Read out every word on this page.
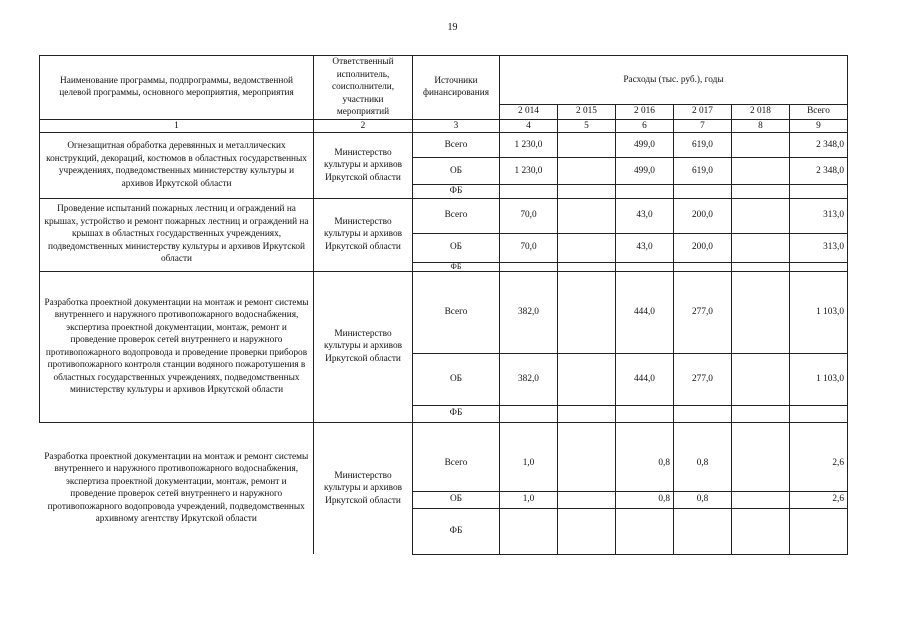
19
Наименование программы, подпрограммы, ведомственной целевой программы, основного мероприятия, мероприятия	Ответственный исполнитель, соисполнители, участники мероприятий	Источники финансирования	Расходы (тыс. руб.), годы					
			2 014	2 015	2 016	2 017	2 018	Всего
1	2	3	4	5	6	7	8	9
Огнезащитная обработка деревянных и металлических конструкций, декораций, костюмов в областных государственных учреждениях, подведомственных министерству культуры и архивов Иркутской области	Министерство культуры и архивов Иркутской области	Всего	1 230,0		499,0	619,0		2 348,0
		ОБ	1 230,0		499,0	619,0		2 348,0
		ФБ						
Проведение испытаний пожарных лестниц и ограждений на крышах, устройство и ремонт пожарных лестниц и ограждений на крышах в областных государственных учреждениях, подведомственных министерству культуры и архивов Иркутской области	Министерство культуры и архивов Иркутской области	Всего	70,0		43,0	200,0		313,0
		ОБ	70,0		43,0	200,0		313,0
		ФБ						
Разработка проектной документации на монтаж и ремонт системы внутреннего и наружного противопожарного водоснабжения, экспертиза проектной документации, монтаж, ремонт и проведение проверок сетей внутреннего и наружного противопожарного водопровода и проведение проверки приборов противопожарного контроля станции водяного пожаротушения в областных государственных учреждениях, подведомственных министерству культуры и архивов Иркутской области	Министерство культуры и архивов Иркутской области	Всего	382,0		444,0	277,0		1 103,0
		ОБ	382,0		444,0	277,0		1 103,0
		ФБ						
Разработка проектной документации на монтаж и ремонт системы внутреннего и наружного противопожарного водоснабжения, экспертиза проектной документации, монтаж, ремонт и проведение проверок сетей внутреннего и наружного противопожарного водопровода учреждений, подведомственных архивному агентству Иркутской области	Министерство культуры и архивов Иркутской области	Всего	1,0		0,8	0,8		2,6
		ОБ	1,0		0,8	0,8		2,6
		ФБ						
